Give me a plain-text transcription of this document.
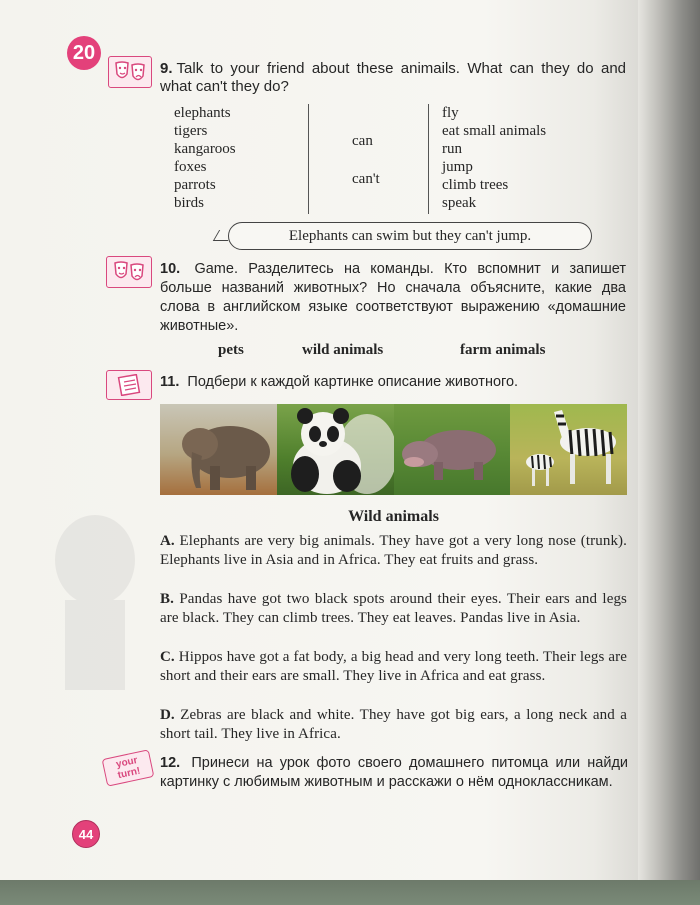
20
9. Talk to your friend about these animails. What can they do and what can't they do?
elephants
tigers
kangaroos
foxes
parrots
birds
can
can't
fly
eat small animals
run
jump
climb trees
speak
Elephants can swim but they can't jump.
10. Game. Разделитесь на команды. Кто вспомнит и запишет больше названий животных? Но сначала объясните, какие два слова в английском языке соответствуют выражению «домашние животные».
pets	wild animals	farm animals
11. Подбери к каждой картинке описание животного.
Wild animals
A. Elephants are very big animals. They have got a very long nose (trunk). Elephants live in Asia and in Africa. They eat fruits and grass.
B. Pandas have got two black spots around their eyes. Their ears and legs are black. They can climb trees. They eat leaves. Pandas live in Asia.
C. Hippos have got a fat body, a big head and very long teeth. Their legs are short and their ears are small. They live in Africa and eat grass.
D. Zebras are black and white. They have got big ears, a long neck and a short tail. They live in Africa.
your
turn!
12. Принеси на урок фото своего домашнего питомца или найди картинку с любимым животным и расскажи о нём одноклассникам.
44
